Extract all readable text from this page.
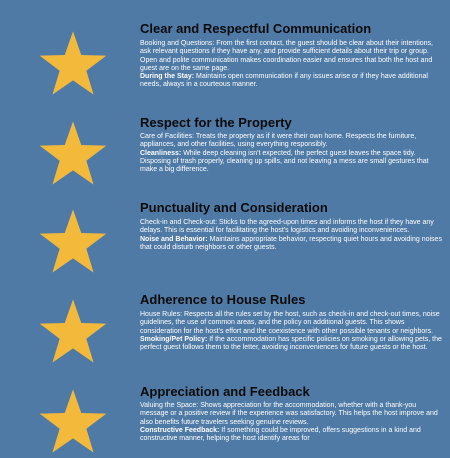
Clear and Respectful Communication

Booking and Questions: From the first contact, the guest should be clear about their intentions, ask relevant questions if they have any, and provide sufficient details about their trip or group. Open and polite communication makes coordination easier and ensures that both the host and guest are on the same page.

During the Stay: Maintains open communication if any issues arise or if they have additional needs, always in a courteous manner.

Respect for the Property

Care of Facilities: Treats the property as if it were their own home. Respects the furniture, appliances, and other facilities, using everything responsibly.

Cleanliness: While deep cleaning isn't expected, the perfect guest leaves the space tidy. Disposing of trash properly, cleaning up spills, and not leaving a mess are small gestures that make a big difference.

Punctuality and Consideration

Check-in and Check-out: Sticks to the agreed-upon times and informs the host if they have any delays. This is essential for facilitating the host's logistics and avoiding inconveniences.

Noise and Behavior: Maintains appropriate behavior, respecting quiet hours and avoiding noises that could disturb neighbors or other guests.

Adherence to House Rules

House Rules: Respects all the rules set by the host, such as check-in and check-out times, noise guidelines, the use of common areas, and the policy on additional guests. This shows consideration for the host's effort and the coexistence with other possible tenants or neighbors.

Smoking/Pet Policy: If the accommodation has specific policies on smoking or allowing pets, the perfect guest follows them to the letter, avoiding inconveniences for future guests or the host.

Appreciation and Feedback

Valuing the Space: Shows appreciation for the accommodation, whether with a thank-you message or a positive review if the experience was satisfactory. This helps the host improve and also benefits future travelers seeking genuine reviews.

Constructive Feedback: If something could be improved, offers suggestions in a kind and constructive manner, helping the host identify areas for
